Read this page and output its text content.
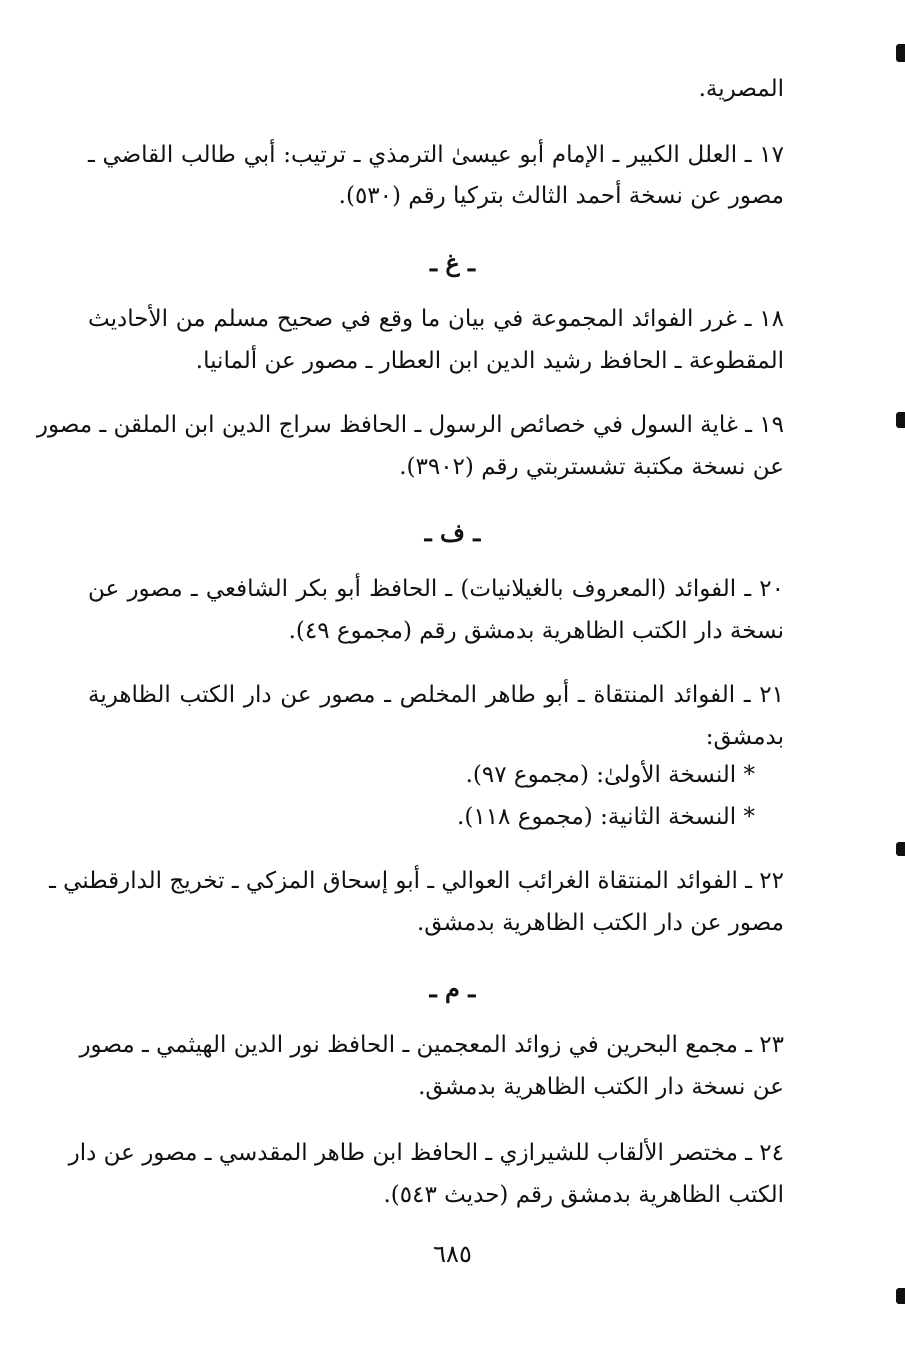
المصرية.
١٧ ـ العلل الكبير ـ الإمام أبو عيسىٰ الترمذي ـ ترتيب: أبي طالب القاضي ـ
مصور عن نسخة أحمد الثالث بتركيا رقم (٥٣٠).
ـ غ ـ
١٨ ـ غرر الفوائد المجموعة في بيان ما وقع في صحيح مسلم من الأحاديث
المقطوعة ـ الحافظ رشيد الدين ابن العطار ـ مصور عن ألمانيا.
١٩ ـ غاية السول في خصائص الرسول ـ الحافظ سراج الدين ابن الملقن ـ مصور
عن نسخة مكتبة تشستربتي رقم (٣٩٠٢).
ـ ف ـ
٢٠ ـ الفوائد (المعروف بالغيلانيات) ـ الحافظ أبو بكر الشافعي ـ مصور عن
نسخة دار الكتب الظاهرية بدمشق رقم (مجموع ٤٩).
٢١ ـ الفوائد المنتقاة ـ أبو طاهر المخلص ـ مصور عن دار الكتب الظاهرية
بدمشق:
* النسخة الأولىٰ: (مجموع ٩٧).
* النسخة الثانية: (مجموع ١١٨).
٢٢ ـ الفوائد المنتقاة الغرائب العوالي ـ أبو إسحاق المزكي ـ تخريج الدارقطني ـ
مصور عن دار الكتب الظاهرية بدمشق.
ـ م ـ
٢٣ ـ مجمع البحرين في زوائد المعجمين ـ الحافظ نور الدين الهيثمي ـ مصور
عن نسخة دار الكتب الظاهرية بدمشق.
٢٤ ـ مختصر الألقاب للشيرازي ـ الحافظ ابن طاهر المقدسي ـ مصور عن دار
الكتب الظاهرية بدمشق رقم (حديث ٥٤٣).
٦٨٥
